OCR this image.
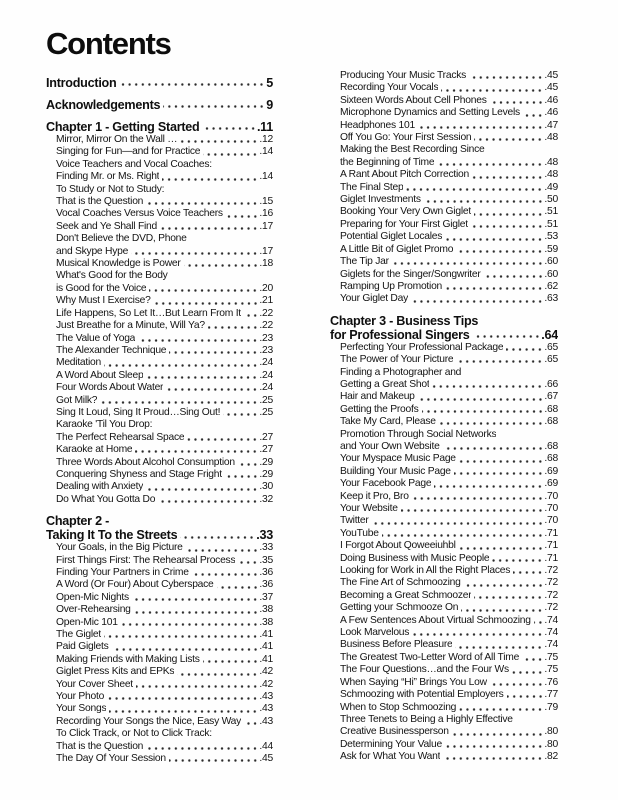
Contents
Introduction	5
Acknowledgements	9
Chapter 1 - Getting Started	.11
Mirror, Mirror On the Wall …	.12
Singing for Fun—and for Practice	.14
Voice Teachers and Vocal Coaches:
Finding Mr. or Ms. Right	.14
To Study or Not to Study:
That is the Question	.15
Vocal Coaches Versus Voice Teachers	.16
Seek and Ye Shall Find	.17
Don't Believe the DVD, Phone
and Skype Hype	.17
Musical Knowledge is Power	.18
What's Good for the Body
is Good for the Voice	.20
Why Must I Exercise?	.21
Life Happens, So Let It…But Learn From It .22
Just Breathe for a Minute, Will Ya?	.22
The Value of Yoga	.23
The Alexander Technique	.23
Meditation	.24
A Word About Sleep	.24
Four Words About Water	.24
Got Milk?	.25
Sing It Loud, Sing It Proud…Sing Out!	.25
Karaoke 'Til You Drop:
The Perfect Rehearsal Space	.27
Karaoke at Home	.27
Three Words About Alcohol Consumption .29
Conquering Shyness and Stage Fright	.29
Dealing with Anxiety	.30
Do What You Gotta Do	.32
Chapter 2 -
Taking It To the Streets	.33
Your Goals, in the Big Picture	.33
First Things First: The Rehearsal Process .35
Finding Your Partners in Crime	.36
A Word (Or Four) About Cyberspace	.36
Open-Mic Nights	.37
Over-Rehearsing	.38
Open-Mic 101	.38
The Giglet	.41
Paid Giglets	.41
Making Friends with Making Lists	.41
Giglet Press Kits and EPKs	.42
Your Cover Sheet	.42
Your Photo	.43
Your Songs	.43
Recording Your Songs the Nice, Easy Way .43
To Click Track, or Not to Click Track:
That is the Question	.44
The Day Of Your Session	.45
Producing Your Music Tracks	.45
Recording Your Vocals	.45
Sixteen Words About Cell Phones	.46
Microphone Dynamics and Setting Levels .46
Headphones 101	.47
Off You Go: Your First Session	.48
Making the Best Recording Since
the Beginning of Time	.48
A Rant About Pitch Correction	.48
The Final Step	.49
Giglet Investments	.50
Booking Your Very Own Giglet	.51
Preparing for Your First Giglet	.51
Potential Giglet Locales	.53
A Little Bit of Giglet Promo	.59
The Tip Jar	.60
Giglets for the Singer/Songwriter	.60
Ramping Up Promotion	.62
Your Giglet Day	.63
Chapter 3 - Business Tips
for Professional Singers	.64
Perfecting Your Professional Package	.65
The Power of Your Picture	.65
Finding a Photographer and
Getting a Great Shot	.66
Hair and Makeup	.67
Getting the Proofs	.68
Take My Card, Please	.68
Promotion Through Social Networks
and Your Own Website	.68
Your Myspace Music Page	.68
Building Your Music Page	.69
Your Facebook Page	.69
Keep it Pro, Bro	.70
Your Website	.70
Twitter	.70
YouTube	.71
I Forgot About Qoweeiuhbl	.71
Doing Business with Music People	.71
Looking for Work in All the Right Places	.72
The Fine Art of Schmoozing	.72
Becoming a Great Schmoozer	.72
Getting your Schmooze On	.72
A Few Sentences About Virtual Schmoozing .74
Look Marvelous	.74
Business Before Pleasure	.74
The Greatest Two-Letter Word of All Time .75
The Four Questions…and the Four Ws	.75
When Saying “Hi” Brings You Low	.76
Schmoozing with Potential Employers	.77
When to Stop Schmoozing	.79
Three Tenets to Being a Highly Effective
Creative Businessperson	.80
Determining Your Value	.80
Ask for What You Want	.82
